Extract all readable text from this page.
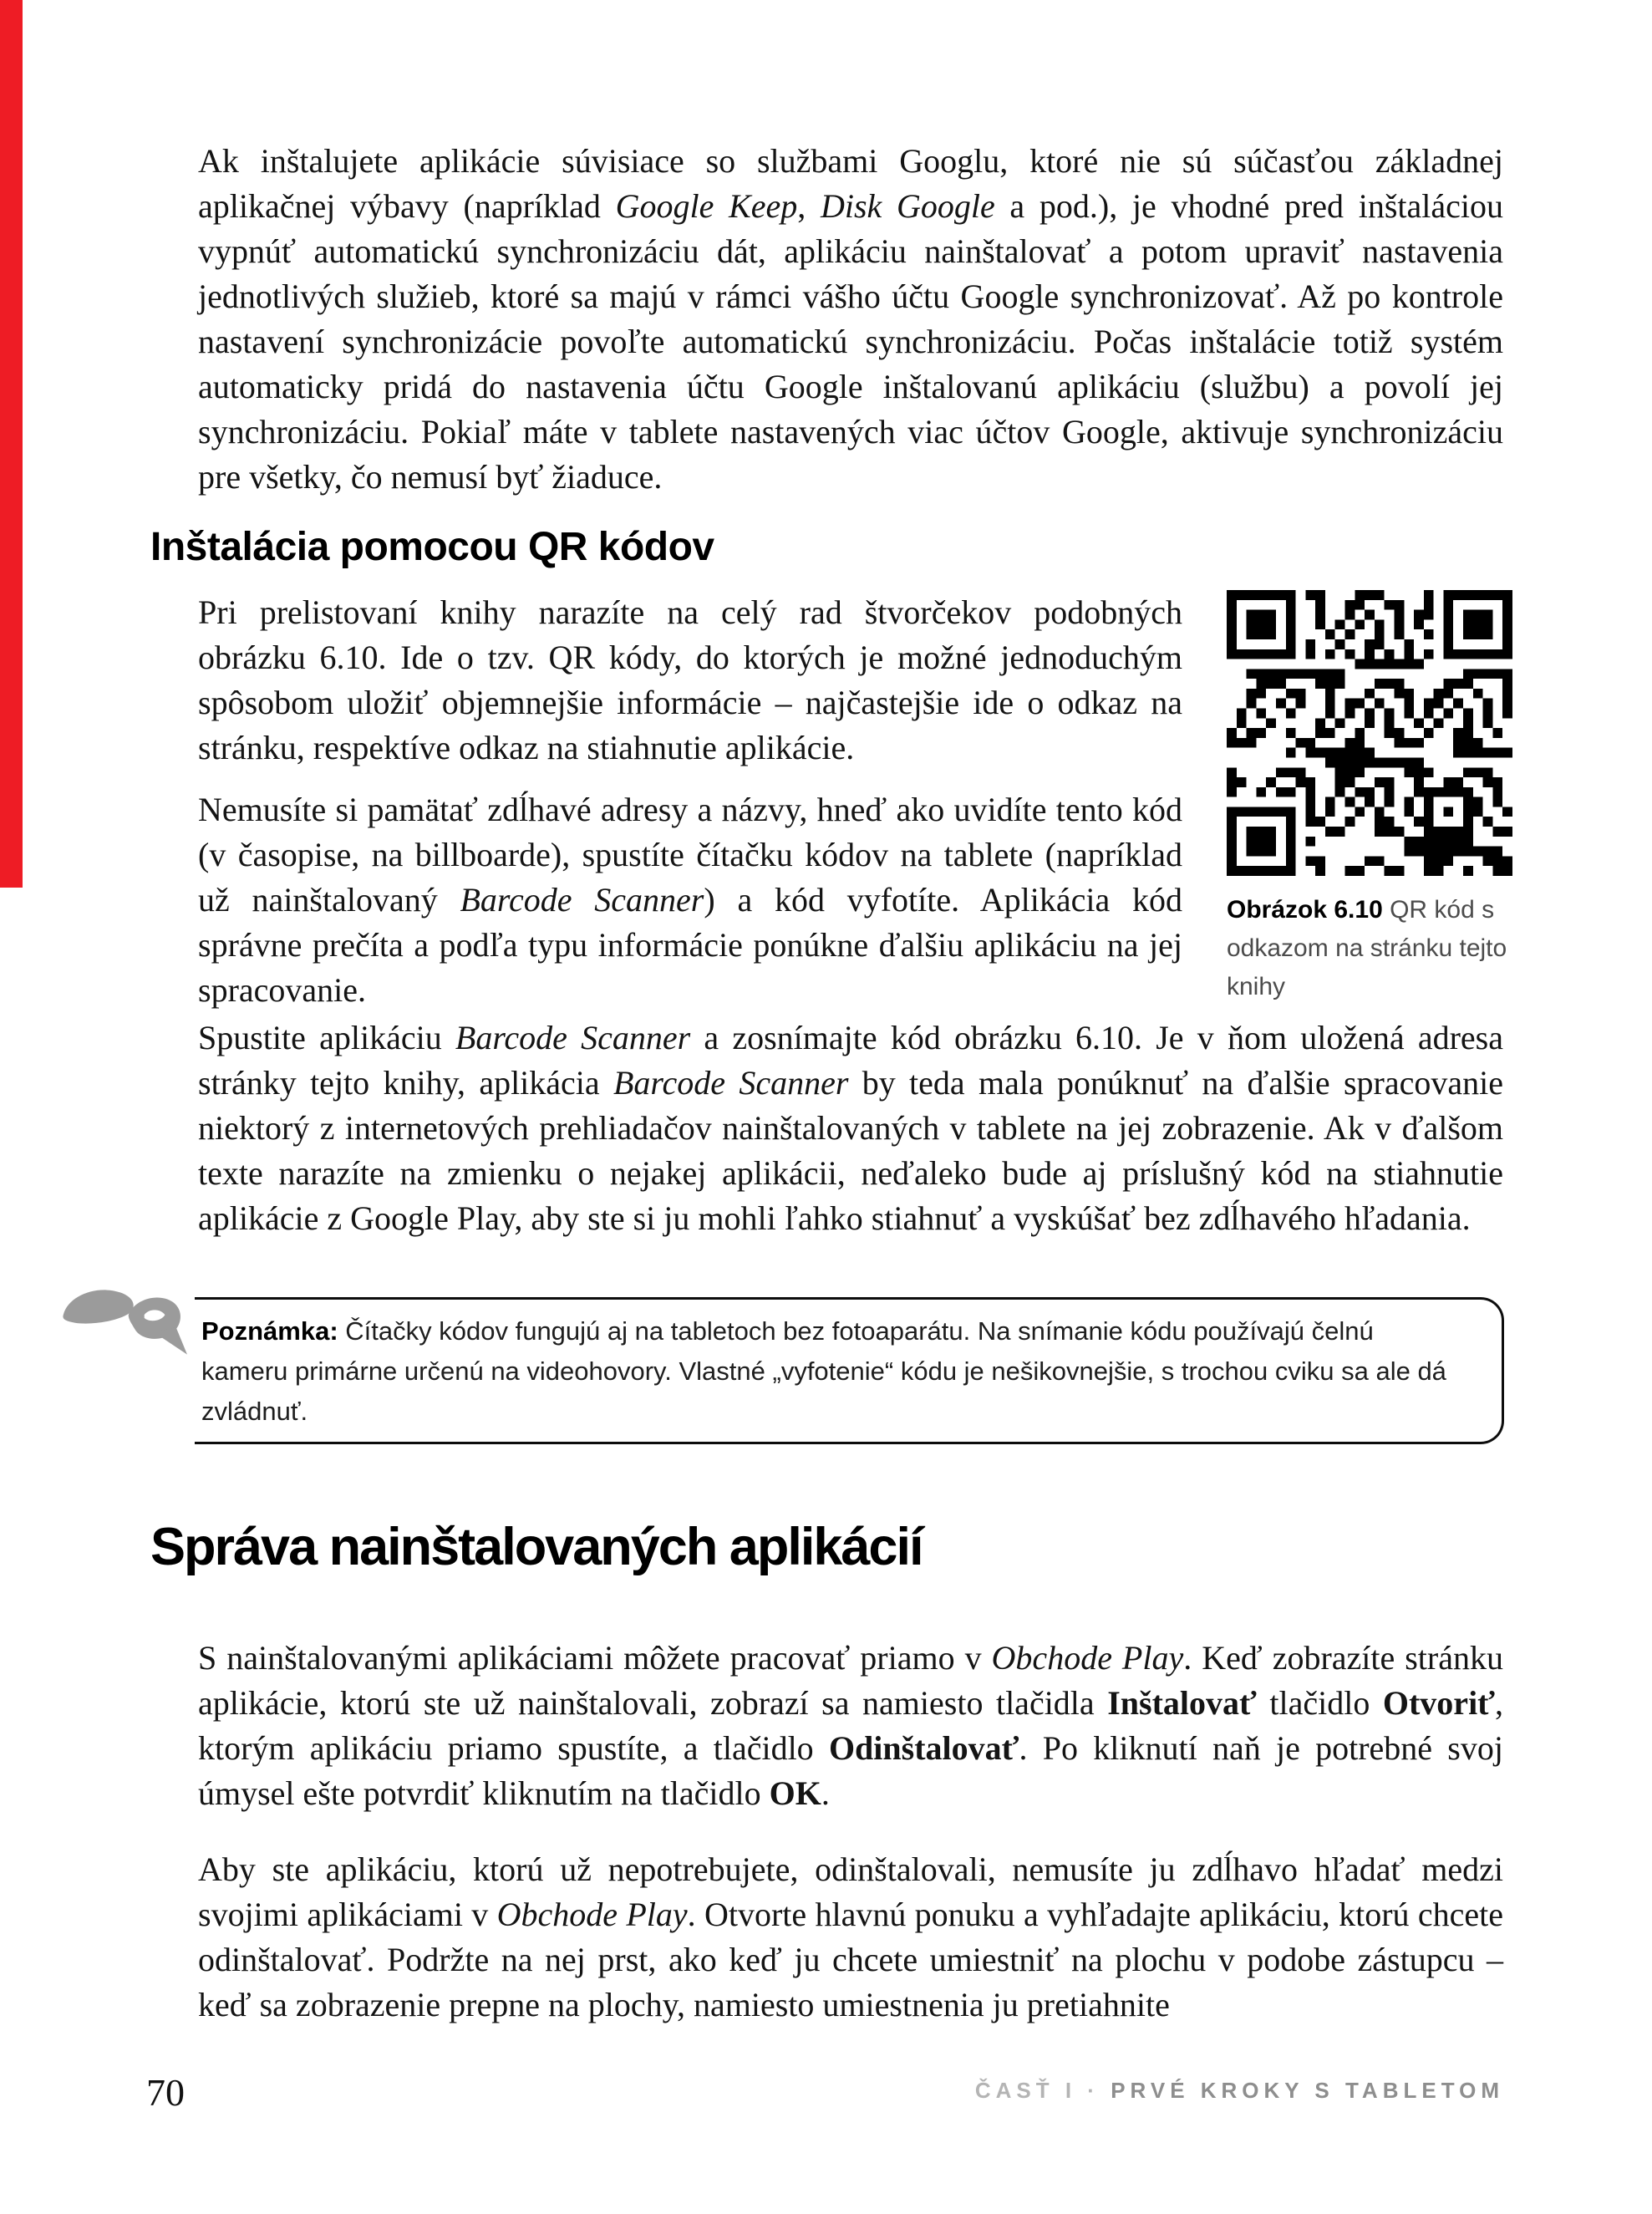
Ak inštalujete aplikácie súvisiace so službami Googlu, ktoré nie sú súčasťou základnej aplikačnej výbavy (napríklad Google Keep, Disk Google a pod.), je vhodné pred inštaláciou vypnúť automatickú synchronizáciu dát, aplikáciu nainštalovať a potom upraviť nastavenia jednotlivých služieb, ktoré sa majú v rámci vášho účtu Google synchronizovať. Až po kontrole nastavení synchronizácie povoľte automatickú synchronizáciu. Počas inštalácie totiž systém automaticky pridá do nastavenia účtu Google inštalovanú aplikáciu (službu) a povolí jej synchronizáciu. Pokiaľ máte v tablete nastavených viac účtov Google, aktivuje synchronizáciu pre všetky, čo nemusí byť žiaduce.
Inštalácia pomocou QR kódov
Pri prelistovaní knihy narazíte na celý rad štvorčekov podobných obrázku 6.10. Ide o tzv. QR kódy, do ktorých je možné jednoduchým spôsobom uložiť objemnejšie informácie – najčastejšie ide o odkaz na stránku, respektíve odkaz na stiahnutie aplikácie.
Obrázok 6.10 QR kód s odkazom na stránku tejto knihy
Nemusíte si pamätať zdĺhavé adresy a názvy, hneď ako uvidíte tento kód (v časopise, na billboarde), spustíte čítačku kódov na tablete (napríklad už nainštalovaný Barcode Scanner) a kód vyfotíte. Aplikácia kód správne prečíta a podľa typu informácie ponúkne ďalšiu aplikáciu na jej spracovanie.
Spustite aplikáciu Barcode Scanner a zosnímajte kód obrázku 6.10. Je v ňom uložená adresa stránky tejto knihy, aplikácia Barcode Scanner by teda mala ponúknuť na ďalšie spracovanie niektorý z internetových prehliadačov nainštalovaných v tablete na jej zobrazenie. Ak v ďalšom texte narazíte na zmienku o nejakej aplikácii, neďaleko bude aj príslušný kód na stiahnutie aplikácie z Google Play, aby ste si ju mohli ľahko stiahnuť a vyskúšať bez zdĺhavého hľadania.
Poznámka: Čítačky kódov fungujú aj na tabletoch bez fotoaparátu. Na snímanie kódu používajú čelnú kameru primárne určenú na videohovory. Vlastné „vyfotenie“ kódu je nešikovnejšie, s trochou cviku sa ale dá zvládnuť.
Správa nainštalovaných aplikácií
S nainštalovanými aplikáciami môžete pracovať priamo v Obchode Play. Keď zobrazíte stránku aplikácie, ktorú ste už nainštalovali, zobrazí sa namiesto tlačidla Inštalovať tlačidlo Otvoriť, ktorým aplikáciu priamo spustíte, a tlačidlo Odinštalovať. Po kliknutí naň je potrebné svoj úmysel ešte potvrdiť kliknutím na tlačidlo OK.
Aby ste aplikáciu, ktorú už nepotrebujete, odinštalovali, nemusíte ju zdĺhavo hľadať medzi svojimi aplikáciami v Obchode Play. Otvorte hlavnú ponuku a vyhľadajte aplikáciu, ktorú chcete odinštalovať. Podržte na nej prst, ako keď ju chcete umiestniť na plochu v podobe zástupcu – keď sa zobrazenie prepne na plochy, namiesto umiestnenia ju pretiahnite
70	ČASŤ I · PRVÉ KROKY S TABLETOM
